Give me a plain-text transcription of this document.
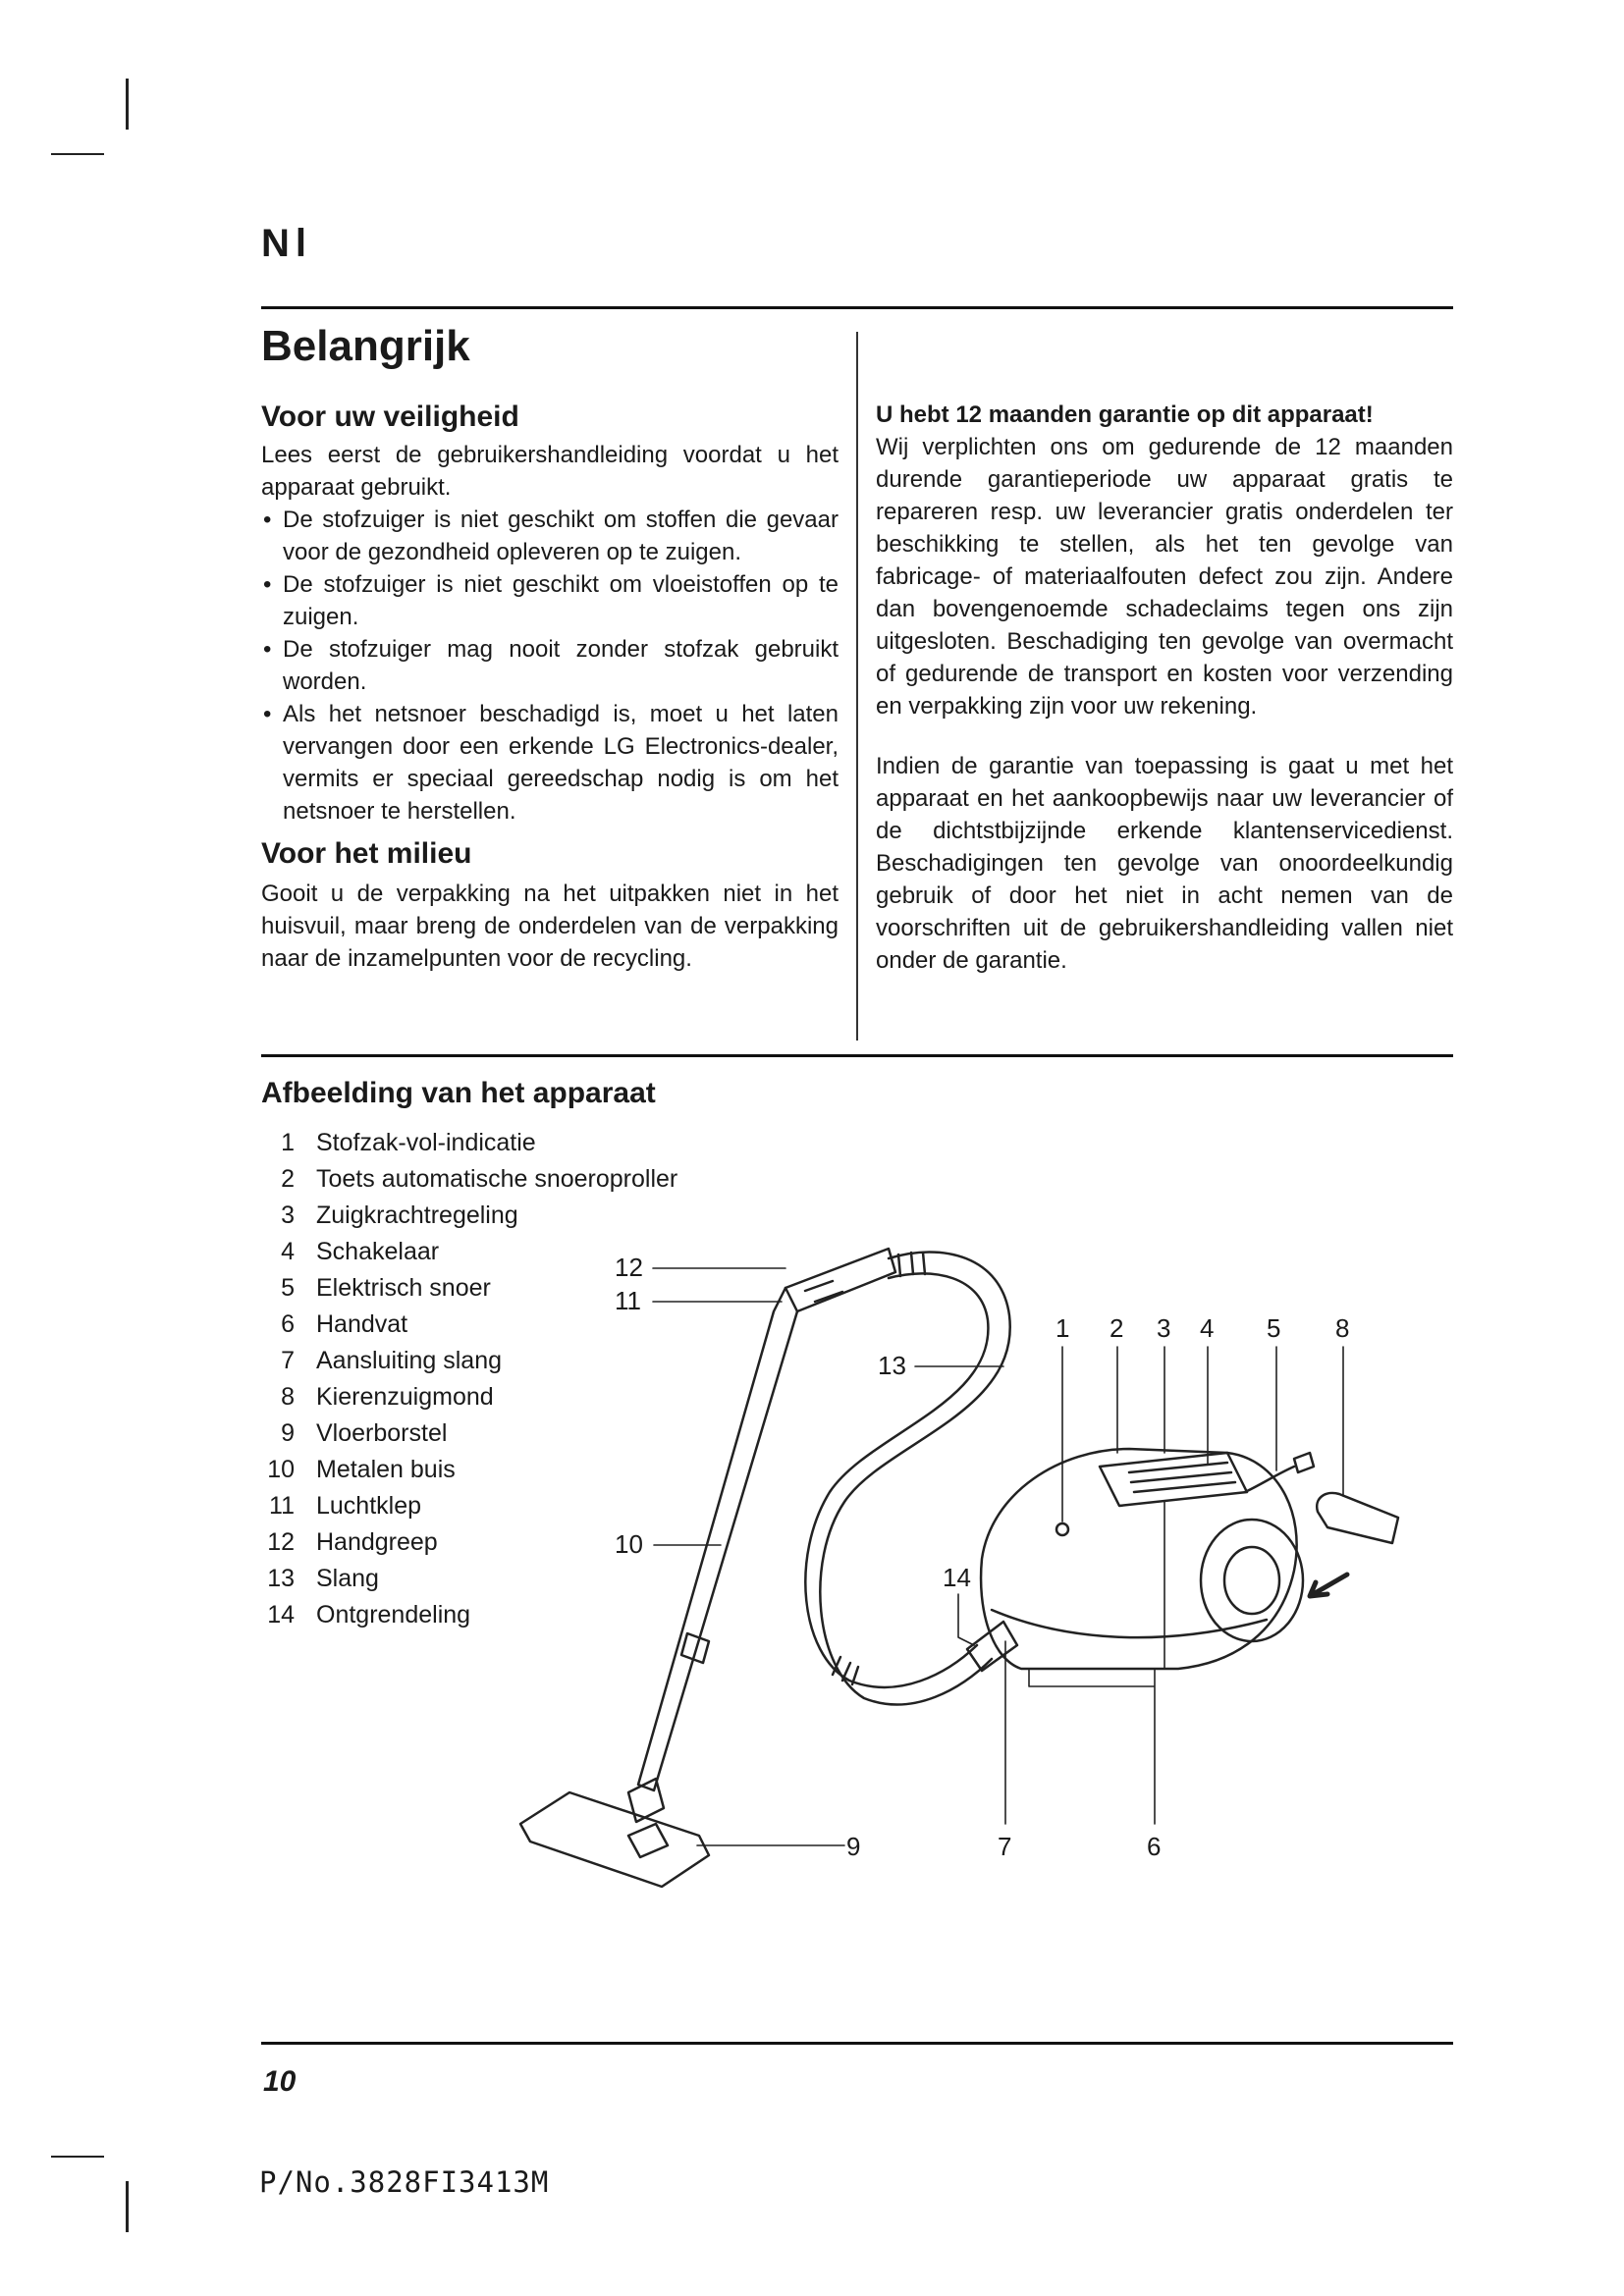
Nl
Belangrijk
Voor uw veiligheid

Lees eerst de gebruikershandleiding voordat u het apparaat gebruikt.

• De stofzuiger is niet geschikt om stoffen die gevaar voor de gezondheid opleveren op te zuigen.
• De stofzuiger is niet geschikt om vloeistoffen op te zuigen.
• De stofzuiger mag nooit zonder stofzak gebruikt worden.
• Als het netsnoer beschadigd is, moet u het laten vervangen door een erkende LG Electronics-dealer, vermits er speciaal gereedschap nodig is om het netsnoer te herstellen.
Voor het milieu

Gooit u de verpakking na het uitpakken niet in het huisvuil, maar breng de onderdelen van de verpakking naar de inzamelpunten voor de recycling.

U hebt 12 maanden garantie op dit apparaat!

Wij verplichten ons om gedurende de 12 maanden durende garantieperiode uw apparaat gratis te repareren resp. uw leverancier gratis onderdelen ter beschikking te stellen, als het ten gevolge van fabricage- of materiaalfouten defect zou zijn. Andere dan bovengenoemde schadeclaims tegen ons zijn uitgesloten. Beschadiging ten gevolge van overmacht of gedurende de transport en kosten voor verzending en verpakking zijn voor uw rekening.

Indien de garantie van toepassing is gaat u met het apparaat en het aankoopbewijs naar uw leverancier of de dichtstbijzijnde erkende klantenservicedienst. Beschadigingen ten gevolge van onoordeelkundig gebruik of door het niet in acht nemen van de voorschriften uit de gebruikershandleiding vallen niet onder de garantie.

Afbeelding van het apparaat
1 Stofzak-vol-indicatie
2 Toets automatische snoeroproller
3 Zuigkrachtregeling
4 Schakelaar
5 Elektrisch snoer
6 Handvat
7 Aansluiting slang
8 Kierenzuigmond
9 Vloerborstel
10 Metalen buis
11 Luchtklep
12 Handgreep
13 Slang
14 Ontgrendeling
12
11
13
10
14
9
1 2 3 4 5 8
7	6
10
P/No.3828FI3413M
